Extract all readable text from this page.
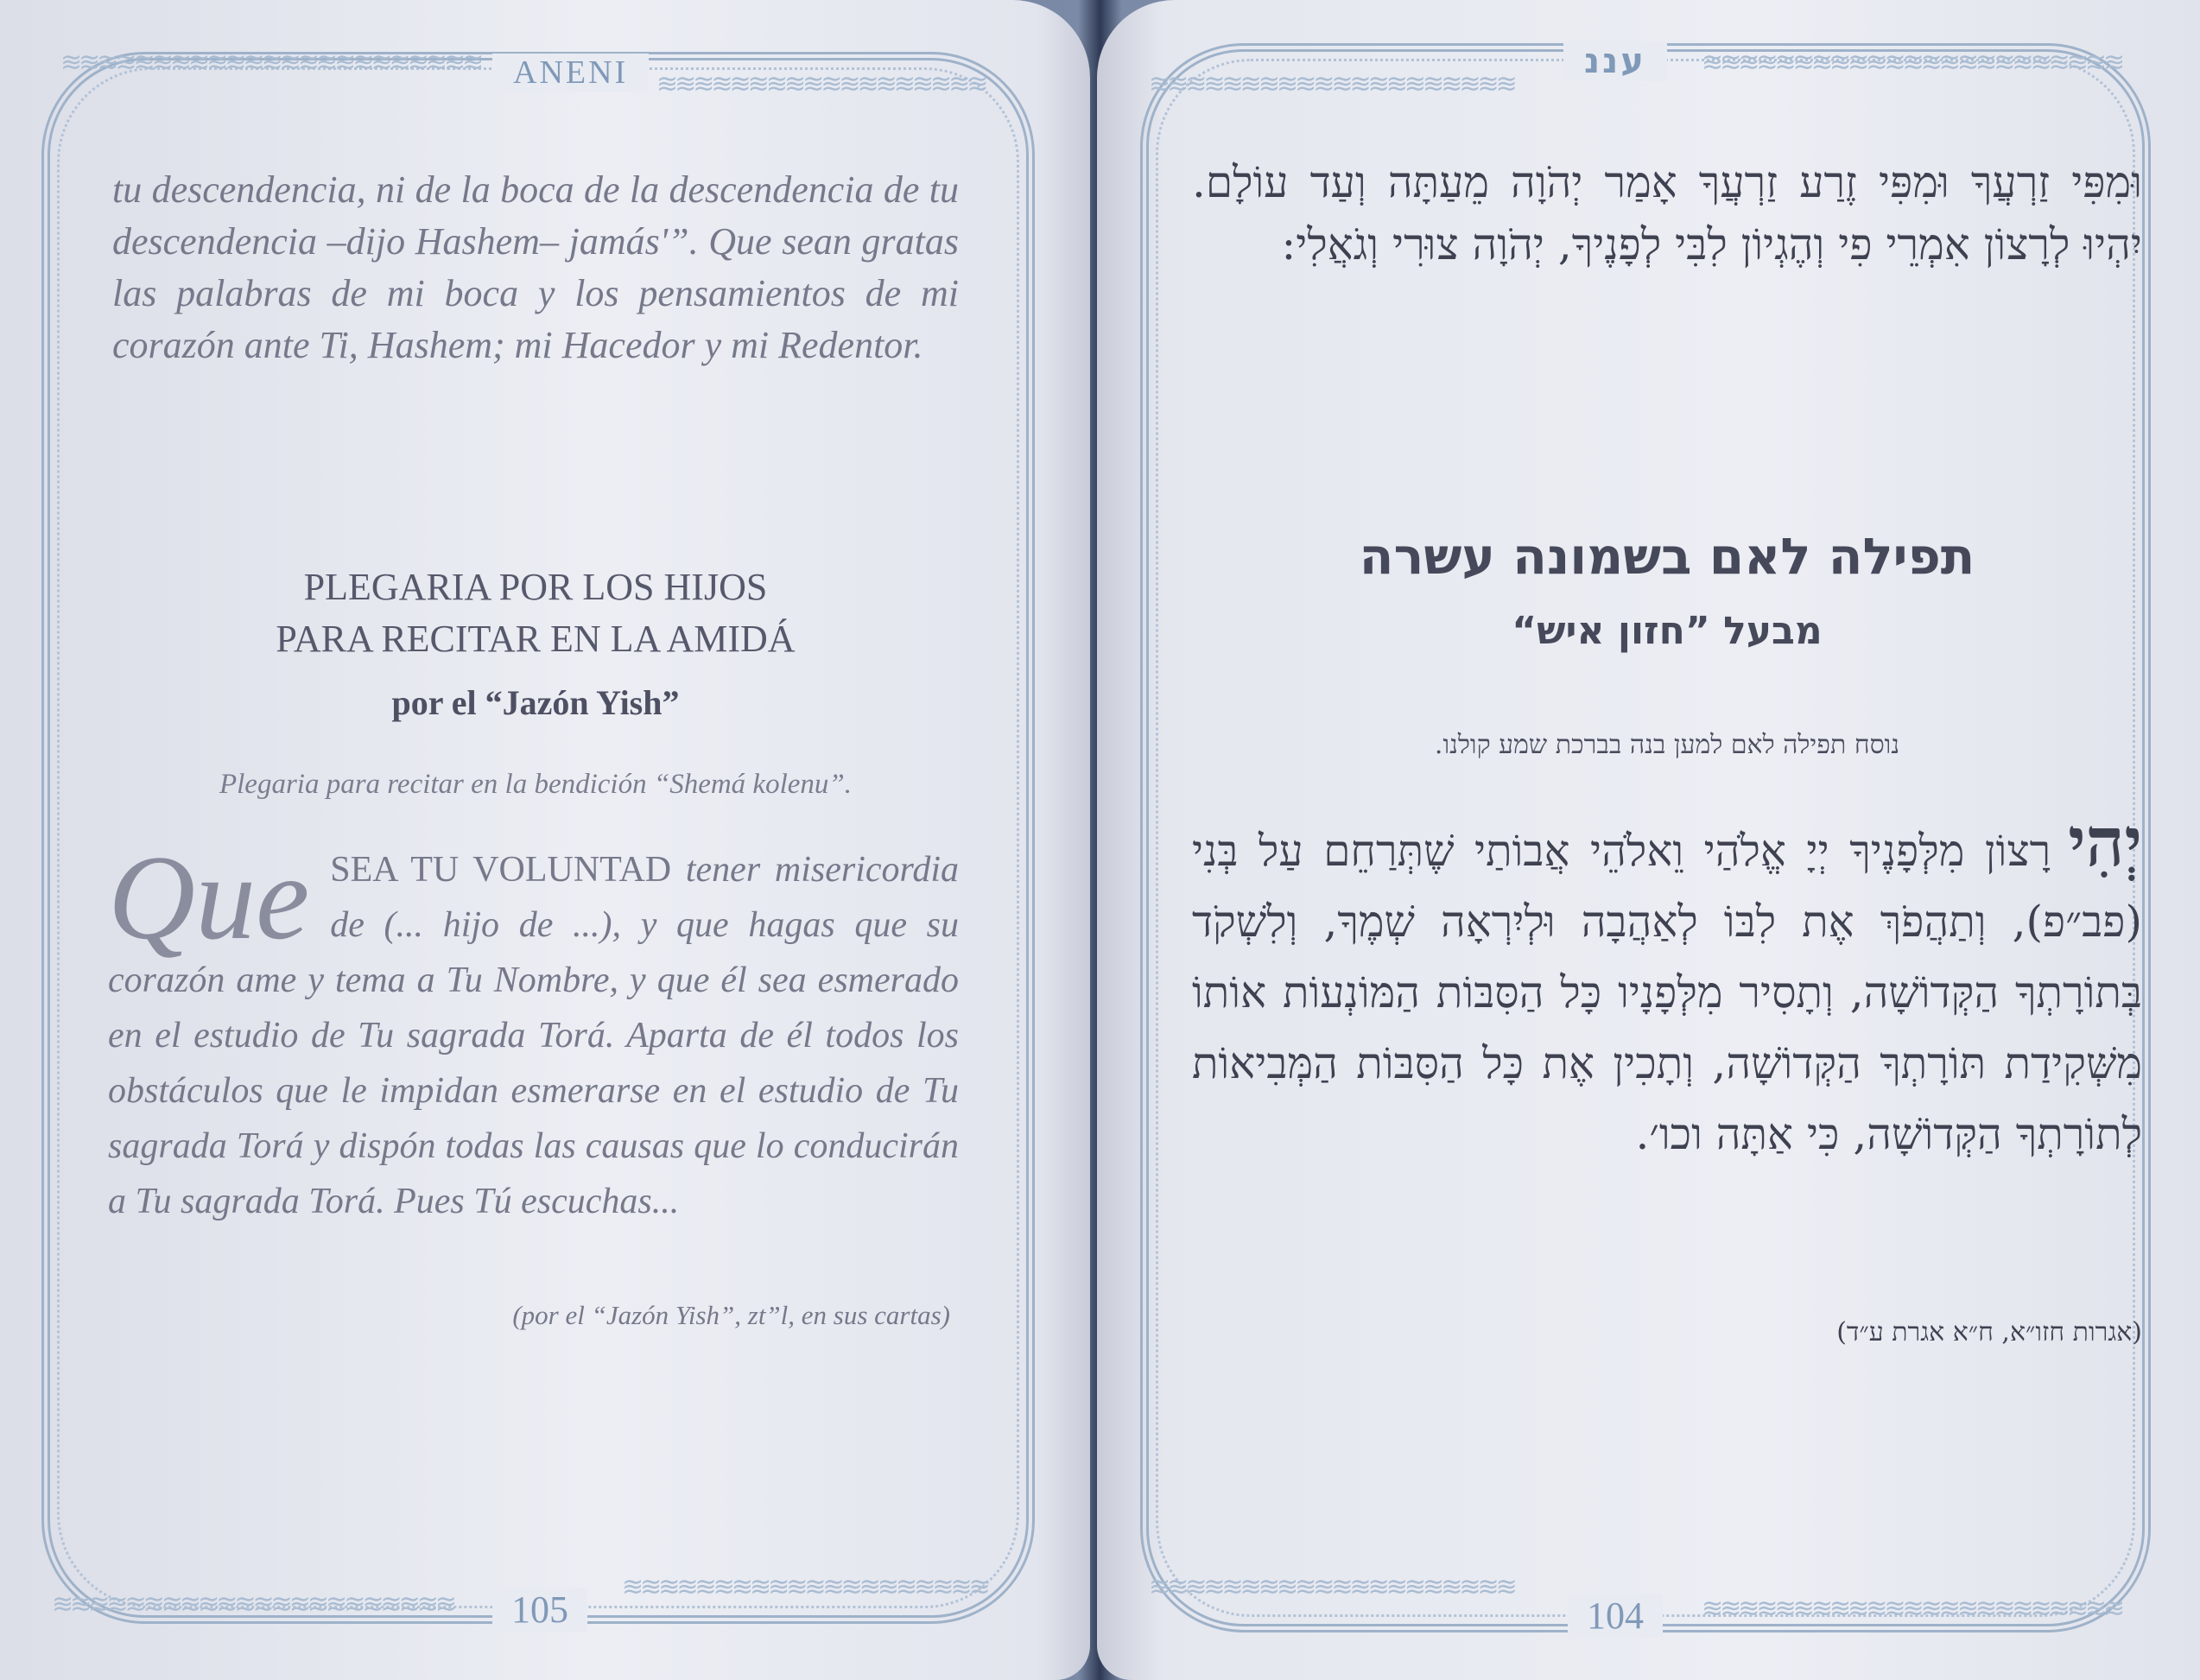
≋≋≋≋≋≋≋≋≋≋≋≋≋≋≋≋≋≋≋≋≋≋≋
≋≋≋≋≋≋≋≋≋≋≋≋≋≋≋≋≋≋
≋≋≋≋≋≋≋≋≋≋≋≋≋≋≋≋≋≋≋≋≋≋
≋≋≋≋≋≋≋≋≋≋≋≋≋≋≋≋≋≋≋≋
ANENI
tu descendencia, ni de la boca de la descendencia de tu descendencia –dijo Hashem– jamás'”. Que sean gratas las palabras de mi boca y los pensamientos de mi corazón ante Ti, Hashem; mi Hacedor y mi Redentor.
PLEGARIA POR LOS HIJOS
PARA RECITAR EN LA AMIDÁ
por el “Jazón Yish”
Plegaria para recitar en la bendición “Shemá kolenu”.
Que SEA TU VOLUNTAD tener misericordia de (... hijo de ...), y que hagas que su corazón ame y tema a Tu Nombre, y que él sea esmerado en el estudio de Tu sagrada Torá. Aparta de él todos los obstáculos que le impidan esmerarse en el estudio de Tu sagrada Torá y dispón todas las causas que lo conducirán a Tu sagrada Torá. Pues Tú escuchas...
(por el “Jazón Yish”, zt”l, en sus cartas)
105
≋≋≋≋≋≋≋≋≋≋≋≋≋≋≋≋≋≋≋≋
≋≋≋≋≋≋≋≋≋≋≋≋≋≋≋≋≋≋≋≋≋≋≋
≋≋≋≋≋≋≋≋≋≋≋≋≋≋≋≋≋≋≋≋
≋≋≋≋≋≋≋≋≋≋≋≋≋≋≋≋≋≋≋≋≋≋≋
עננ
וּמִפִּי זַרְעֲךָ וּמִפִּי זֶרַע זַרְעֲךָ אָמַר יְהֹוָה מֵעַתָּה וְעַד עוֹלָם. יִהְיוּ לְרָצוֹן אִמְרֵי פִי וְהֶגְיוֹן לִבִּי לְפָנֶיךָ, יְהֹוָה צוּרִי וְגֹאֲלִי:
תפילה לאם בשמונה עשרה
מבעל ”חזון איש“
נוסח תפילה לאם למען בנה בברכת שמע קולנו.
יְהִירָצוֹן מִלְּפָנֶיךָ יְיָ אֱלֹהַי וֵאלֹהֵי אֲבוֹתַי שֶׁתְּרַחֵם עַל בְּנִי (פב״פ), וְתַהֲפֹךְ אֶת לִבּוֹ לְאַהֲבָה וּלְיִרְאָה שְׁמֶךָ, וְלִשְׁקֹד בְּתוֹרָתְךָ הַקְּדוֹשָׁה, וְתָסִיר מִלְּפָנָיו כָּל הַסִּבּוֹת הַמּוֹנְעוֹת אוֹתוֹ מִשְּׁקִידַת תּוֹרָתְךָ הַקְּדוֹשָׁה, וְתָכִין אֶת כָּל הַסִּבּוֹת הַמְּבִיאוֹת לְתוֹרָתְךָ הַקְּדוֹשָׁה, כִּי אַתָּה וכו׳.
(אגרות חזו״א, ח״א אגרת ע״ד)
104
